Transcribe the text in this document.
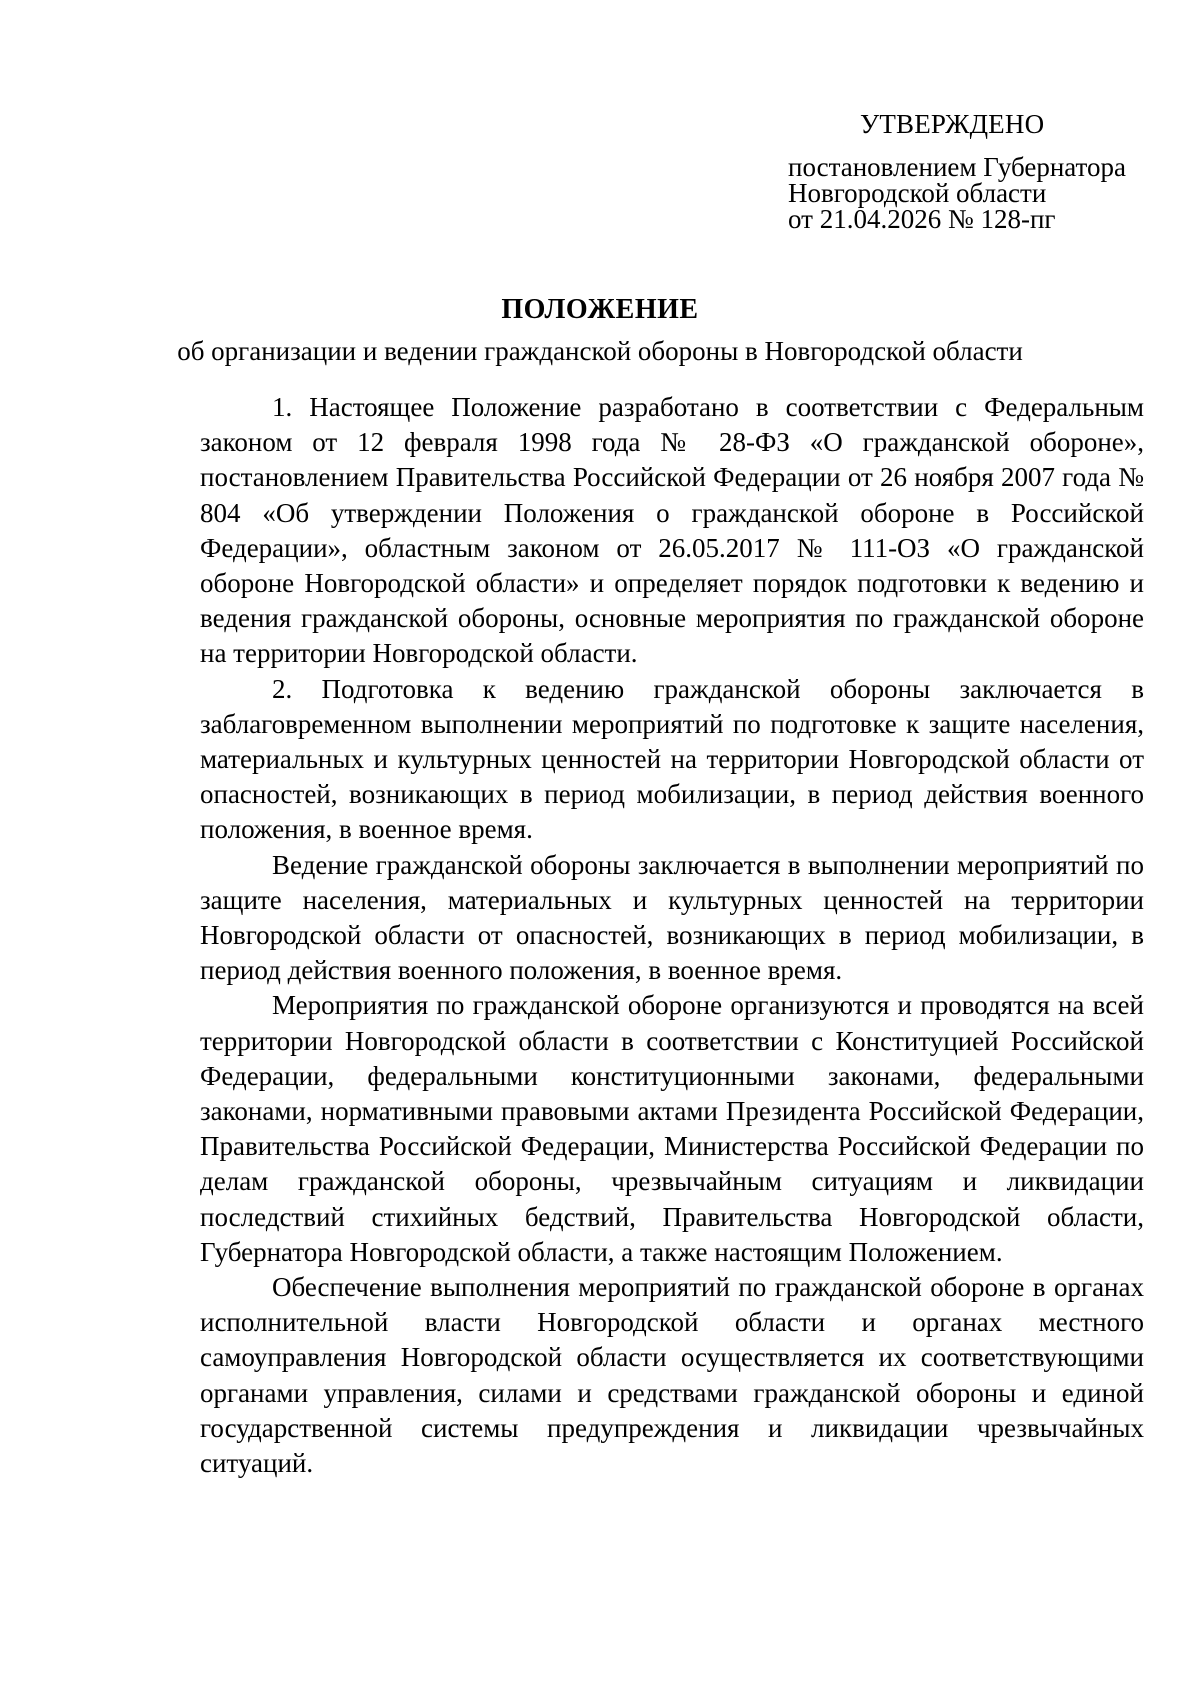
УТВЕРЖДЕНО
постановлением Губернатора
Новгородской области
от 21.04.2026 № 128-пг
ПОЛОЖЕНИЕ
об организации и ведении гражданской обороны в Новгородской области

1. Настоящее Положение разработано в соответствии с Федеральным законом от 12 февраля 1998 года № 28-ФЗ «О гражданской обороне», постановлением Правительства Российской Федерации от 26 ноября 2007 года № 804 «Об утверждении Положения о гражданской обороне в Российской Федерации», областным законом от 26.05.2017 № 111-ОЗ «О гражданской обороне Новгородской области» и определяет порядок подготовки к ведению и ведения гражданской обороны, основные мероприятия по гражданской обороне на территории Новгородской области.

2. Подготовка к ведению гражданской обороны заключается в заблаговременном выполнении мероприятий по подготовке к защите населения, материальных и культурных ценностей на территории Новгородской области от опасностей, возникающих в период мобилизации, в период действия военного положения, в военное время.

Ведение гражданской обороны заключается в выполнении мероприятий по защите населения, материальных и культурных ценностей на территории Новгородской области от опасностей, возникающих в период мобилизации, в период действия военного положения, в военное время.

Мероприятия по гражданской обороне организуются и проводятся на всей территории Новгородской области в соответствии с Конституцией Российской Федерации, федеральными конституционными законами, федеральными законами, нормативными правовыми актами Президента Российской Федерации, Правительства Российской Федерации, Министерства Российской Федерации по делам гражданской обороны, чрезвычайным ситуациям и ликвидации последствий стихийных бедствий, Правительства Новгородской области, Губернатора Новгородской области, а также настоящим Положением.

Обеспечение выполнения мероприятий по гражданской обороне в органах исполнительной власти Новгородской области и органах местного самоуправления Новгородской области осуществляется их соответствующими органами управления, силами и средствами гражданской обороны и единой государственной системы предупреждения и ликвидации чрезвычайных ситуаций.
